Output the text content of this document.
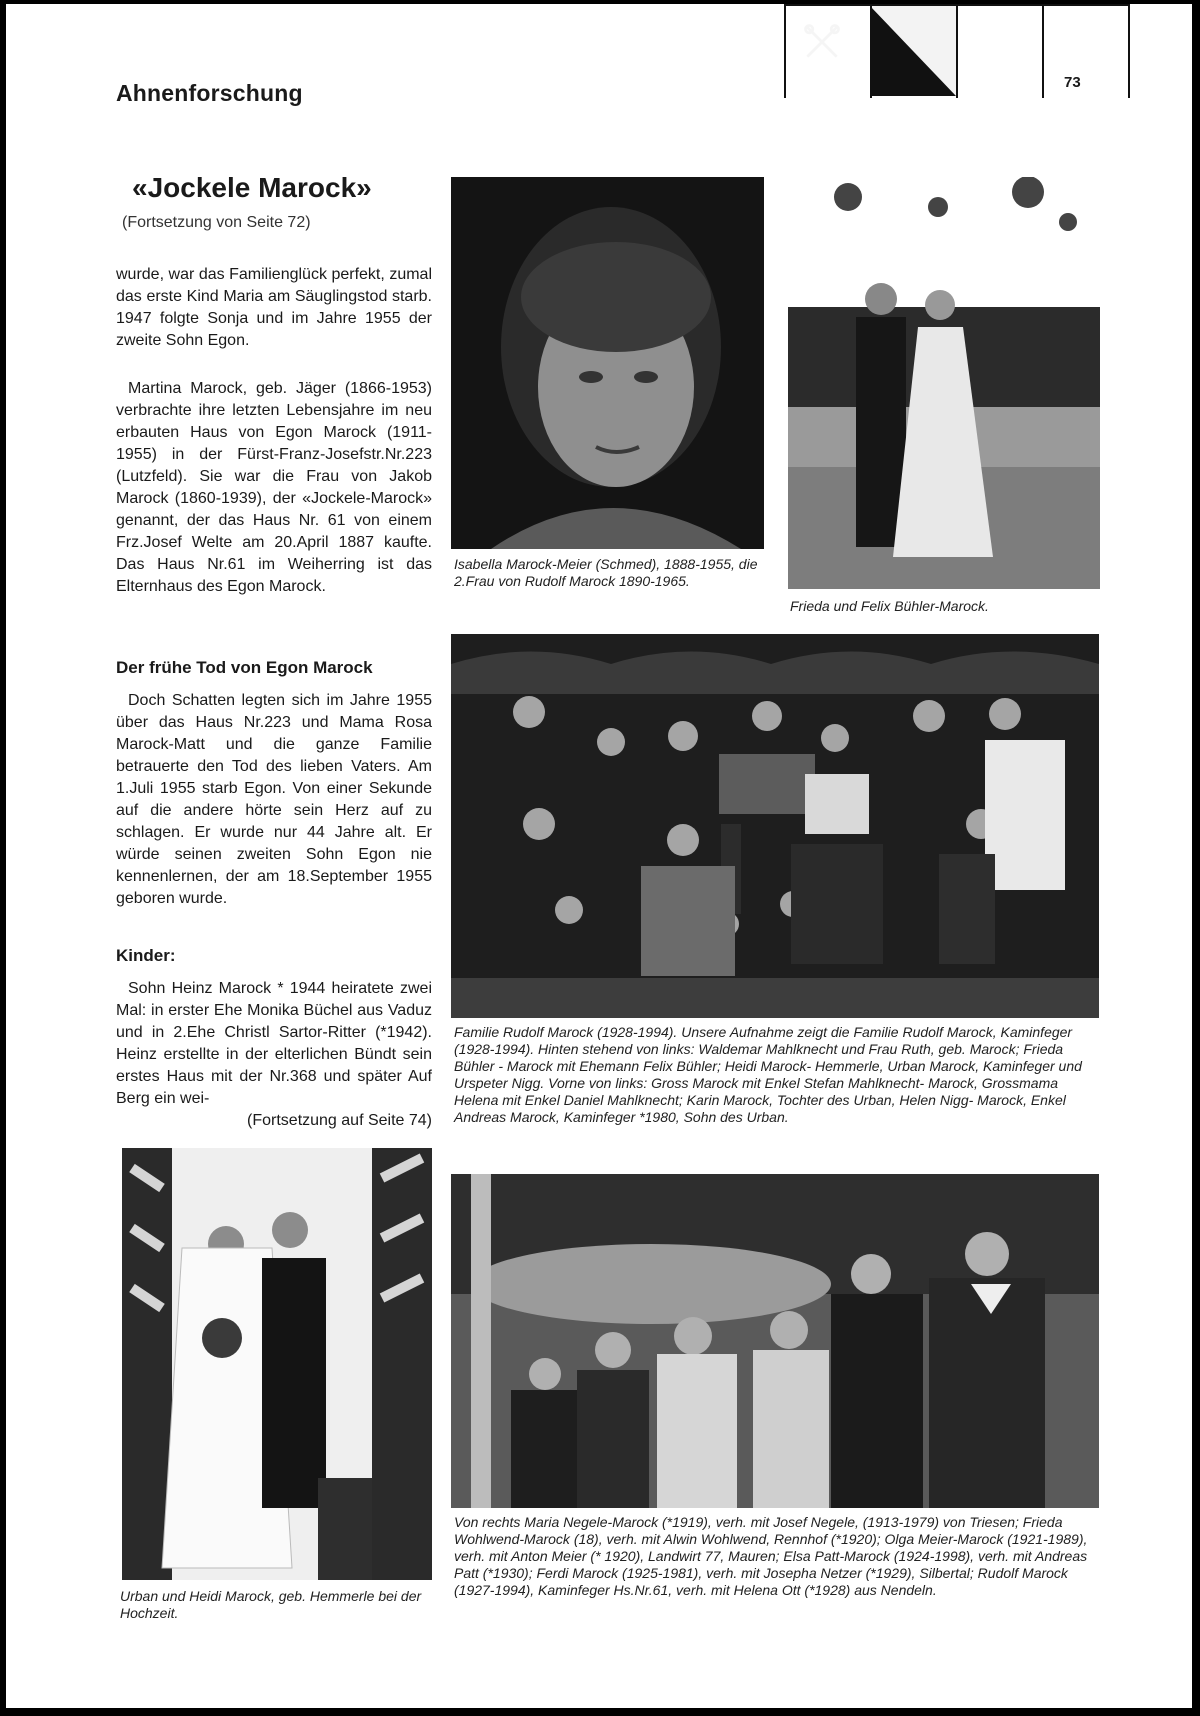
Ahnenforschung	73
«Jockele Marock»
(Fortsetzung von Seite 72)

wurde, war das Familienglück perfekt, zumal das erste Kind Maria am Säuglingstod starb. 1947 folgte Sonja und im Jahre 1955 der zweite Sohn Egon.

Martina Marock, geb. Jäger (1866-1953) verbrachte ihre letzten Lebensjahre im neu erbauten Haus von Egon Marock (1911-1955) in der Fürst-Franz-Josefstr.Nr.223 (Lutzfeld). Sie war die Frau von Jakob Marock (1860-1939), der «Jockele-Marock» genannt, der das Haus Nr. 61 von einem Frz.Josef Welte am 20.April 1887 kaufte. Das Haus Nr.61 im Weiherring ist das Elternhaus des Egon Marock.

Der frühe Tod von Egon Marock

Doch Schatten legten sich im Jahre 1955 über das Haus Nr.223 und Mama Rosa Marock-Matt und die ganze Familie betrauerte den Tod des lieben Vaters. Am 1.Juli 1955 starb Egon. Von einer Sekunde auf die andere hörte sein Herz auf zu schlagen. Er wurde nur 44 Jahre alt. Er würde seinen zweiten Sohn Egon nie kennenlernen, der am 18.September 1955 geboren wurde.

Kinder:

Sohn Heinz Marock * 1944 heiratete zwei Mal: in erster Ehe Monika Büchel aus Vaduz und in 2.Ehe Christl Sartor-Ritter (*1942). Heinz erstellte in der elterlichen Bündt sein erstes Haus mit der Nr.368 und später Auf Berg ein wei-

(Fortsetzung auf Seite 74)
Isabella Marock-Meier (Schmed), 1888-1955, die 2.Frau von Rudolf Marock 1890-1965.
Frieda und Felix Bühler-Marock.
Familie Rudolf Marock (1928-1994). Unsere Aufnahme zeigt die Familie Rudolf Marock, Kaminfeger (1928-1994). Hinten stehend von links: Waldemar Mahlknecht und Frau Ruth, geb. Marock; Frieda Bühler - Marock mit Ehemann Felix Bühler; Heidi Marock- Hemmerle, Urban Marock, Kaminfeger und Urspeter Nigg. Vorne von links: Gross Marock mit Enkel Stefan Mahlknecht- Marock, Grossmama Helena mit Enkel Daniel Mahlknecht; Karin Marock, Tochter des Urban, Helen Nigg- Marock, Enkel Andreas Marock, Kaminfeger *1980, Sohn des Urban.
Urban und Heidi Marock, geb. Hemmerle bei der Hochzeit.
Von rechts Maria Negele-Marock (*1919), verh. mit Josef Negele, (1913-1979) von Triesen; Frieda Wohlwend-Marock (18), verh. mit Alwin Wohlwend, Rennhof (*1920); Olga Meier-Marock (1921-1989), verh. mit Anton Meier (* 1920), Landwirt 77, Mauren; Elsa Patt-Marock (1924-1998), verh. mit Andreas Patt (*1930); Ferdi Marock (1925-1981), verh. mit Josepha Netzer (*1929), Silbertal; Rudolf Marock (1927-1994), Kaminfeger Hs.Nr.61, verh. mit Helena Ott (*1928) aus Nendeln.
